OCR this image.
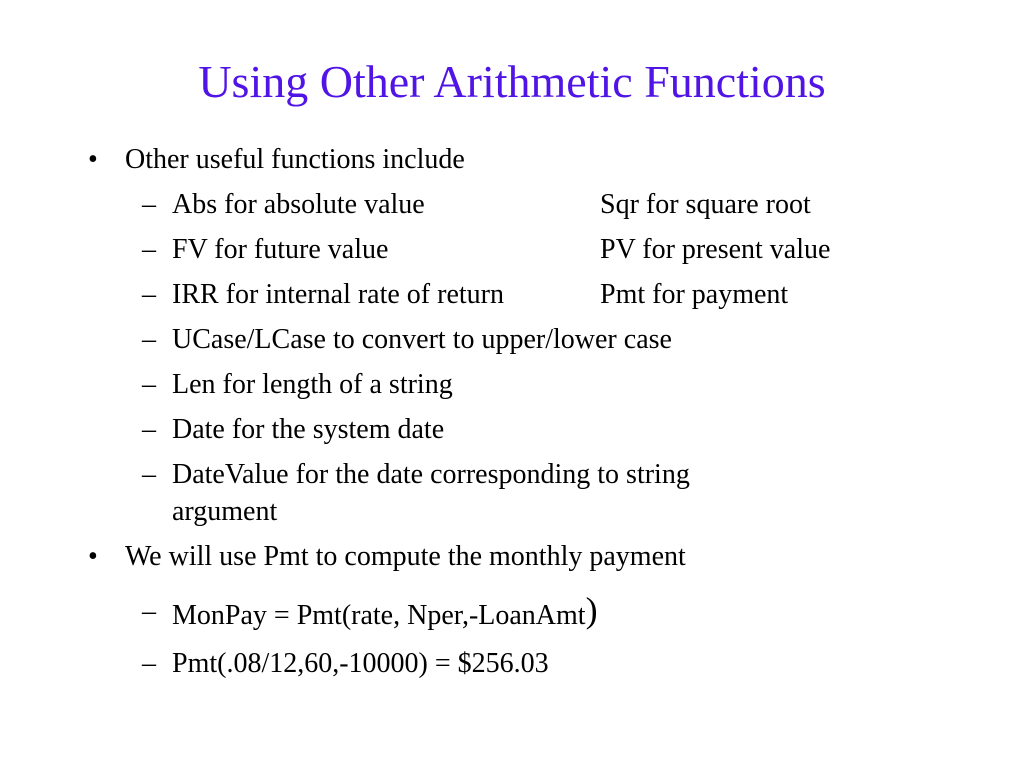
Using Other Arithmetic Functions
• Other useful functions include
– Abs for absolute value	Sqr for square root
– FV for future value	PV for present value
– IRR for internal rate of return	Pmt for payment
– UCase/LCase to convert to upper/lower case
– Len for length of a string
– Date for the system date
– DateValue for the date corresponding to string
argument
• We will use Pmt to compute the monthly payment
– MonPay = Pmt(rate, Nper,-LoanAmt)
– Pmt(.08/12,60,-10000) = $256.03
